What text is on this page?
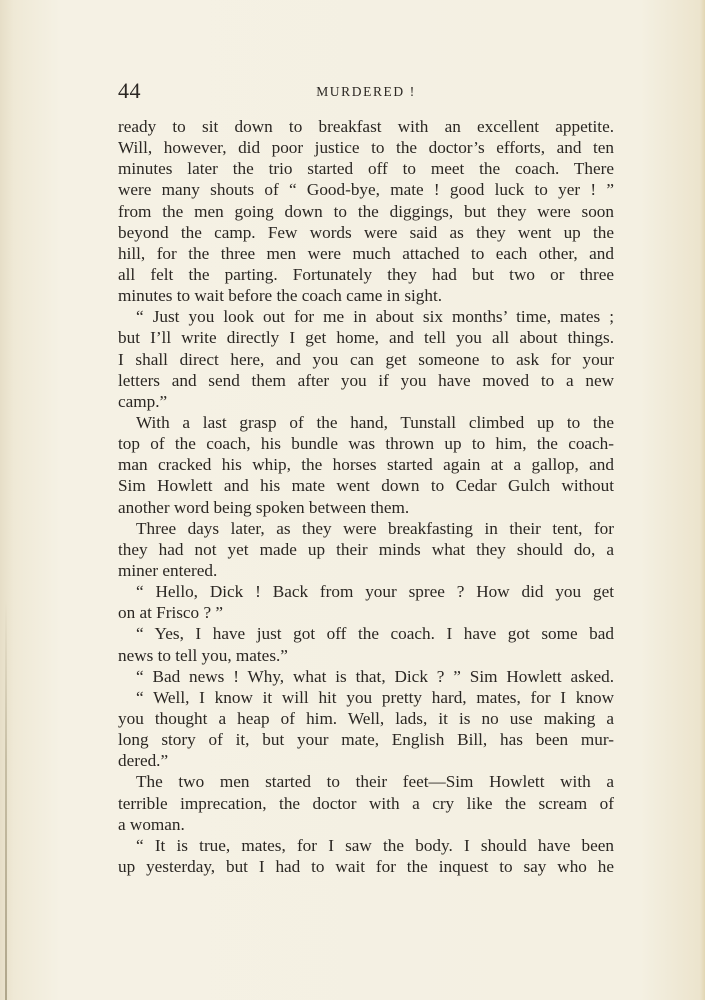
44	MURDERED !
ready to sit down to breakfast with an excellent appetite.
Will, however, did poor justice to the doctor’s efforts, and ten
minutes later the trio started off to meet the coach. There
were many shouts of “ Good-bye, mate ! good luck to yer ! ”
from the men going down to the diggings, but they were soon
beyond the camp. Few words were said as they went up the
hill, for the three men were much attached to each other, and
all felt the parting. Fortunately they had but two or three
minutes to wait before the coach came in sight.
“ Just you look out for me in about six months’ time, mates ;
but I’ll write directly I get home, and tell you all about things.
I shall direct here, and you can get someone to ask for your
letters and send them after you if you have moved to a new
camp.”
With a last grasp of the hand, Tunstall climbed up to the
top of the coach, his bundle was thrown up to him, the coach-
man cracked his whip, the horses started again at a gallop, and
Sim Howlett and his mate went down to Cedar Gulch without
another word being spoken between them.
Three days later, as they were breakfasting in their tent, for
they had not yet made up their minds what they should do, a
miner entered.
“ Hello, Dick ! Back from your spree ? How did you get
on at Frisco ? ”
“ Yes, I have just got off the coach. I have got some bad
news to tell you, mates.”
“ Bad news ! Why, what is that, Dick ? ” Sim Howlett asked.
“ Well, I know it will hit you pretty hard, mates, for I know
you thought a heap of him. Well, lads, it is no use making a
long story of it, but your mate, English Bill, has been mur-
dered.”
The two men started to their feet—Sim Howlett with a
terrible imprecation, the doctor with a cry like the scream of
a woman.
“ It is true, mates, for I saw the body. I should have been
up yesterday, but I had to wait for the inquest to say who he
